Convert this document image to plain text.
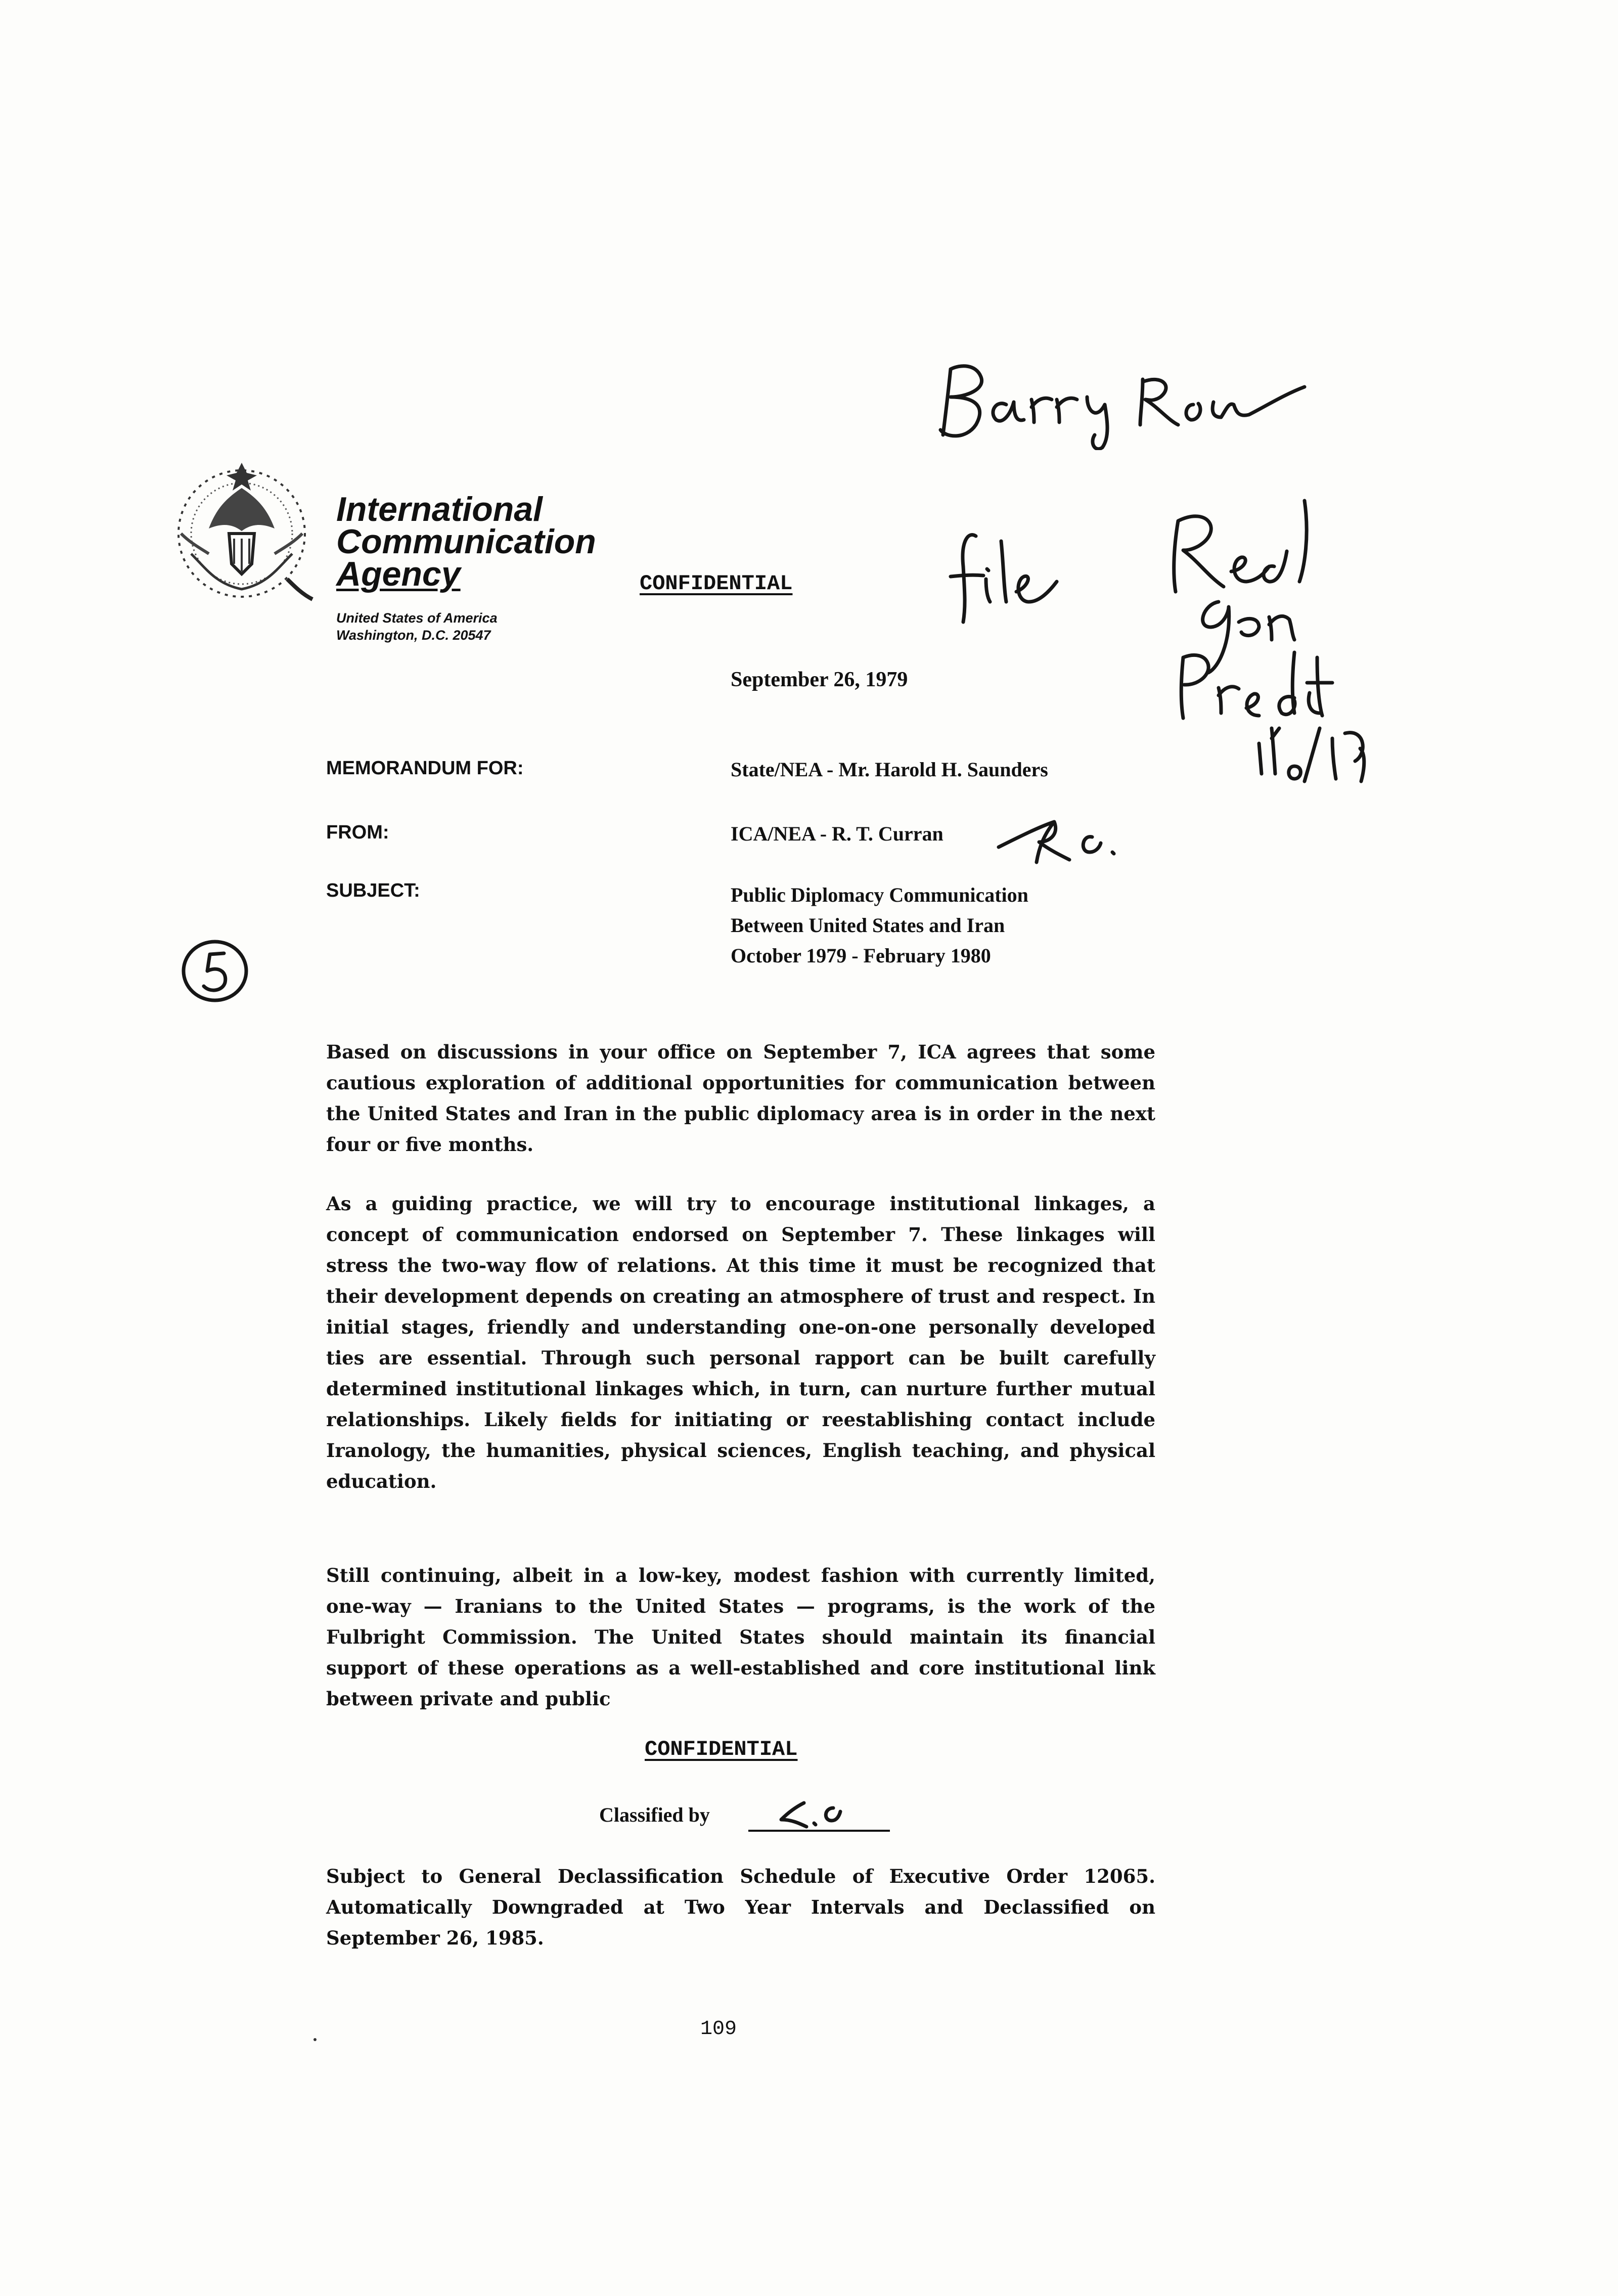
International
Communication
Agency
United States of America
Washington, D.C. 20547
CONFIDENTIAL
September 26, 1979
MEMORANDUM FOR:	State/NEA - Mr. Harold H. Saunders
FROM:	ICA/NEA - R. T. Curran
SUBJECT:	Public Diplomacy Communication
Between United States and Iran
October 1979 - February 1980
Based on discussions in your office on September 7, ICA agrees that some cautious exploration of additional opportunities for communication between the United States and Iran in the public diplomacy area is in order in the next four or five months.
As a guiding practice, we will try to encourage institutional linkages, a concept of communication endorsed on September 7. These linkages will stress the two-way flow of relations. At this time it must be recognized that their development depends on creating an atmosphere of trust and respect. In initial stages, friendly and understanding one-on-one personally developed ties are essential. Through such personal rapport can be built carefully determined institutional linkages which, in turn, can nurture further mutual relationships. Likely fields for initiating or reestablishing contact include Iranology, the humanities, physical sciences, English teaching, and physical education.
Still continuing, albeit in a low-key, modest fashion with currently limited, one-way — Iranians to the United States — programs, is the work of the Fulbright Commission. The United States should maintain its financial support of these operations as a well-established and core institutional link between private and public
CONFIDENTIAL
Classified by
Subject to General Declassification Schedule of Executive Order 12065. Automatically Downgraded at Two Year Intervals and Declassified on September 26, 1985.
109
